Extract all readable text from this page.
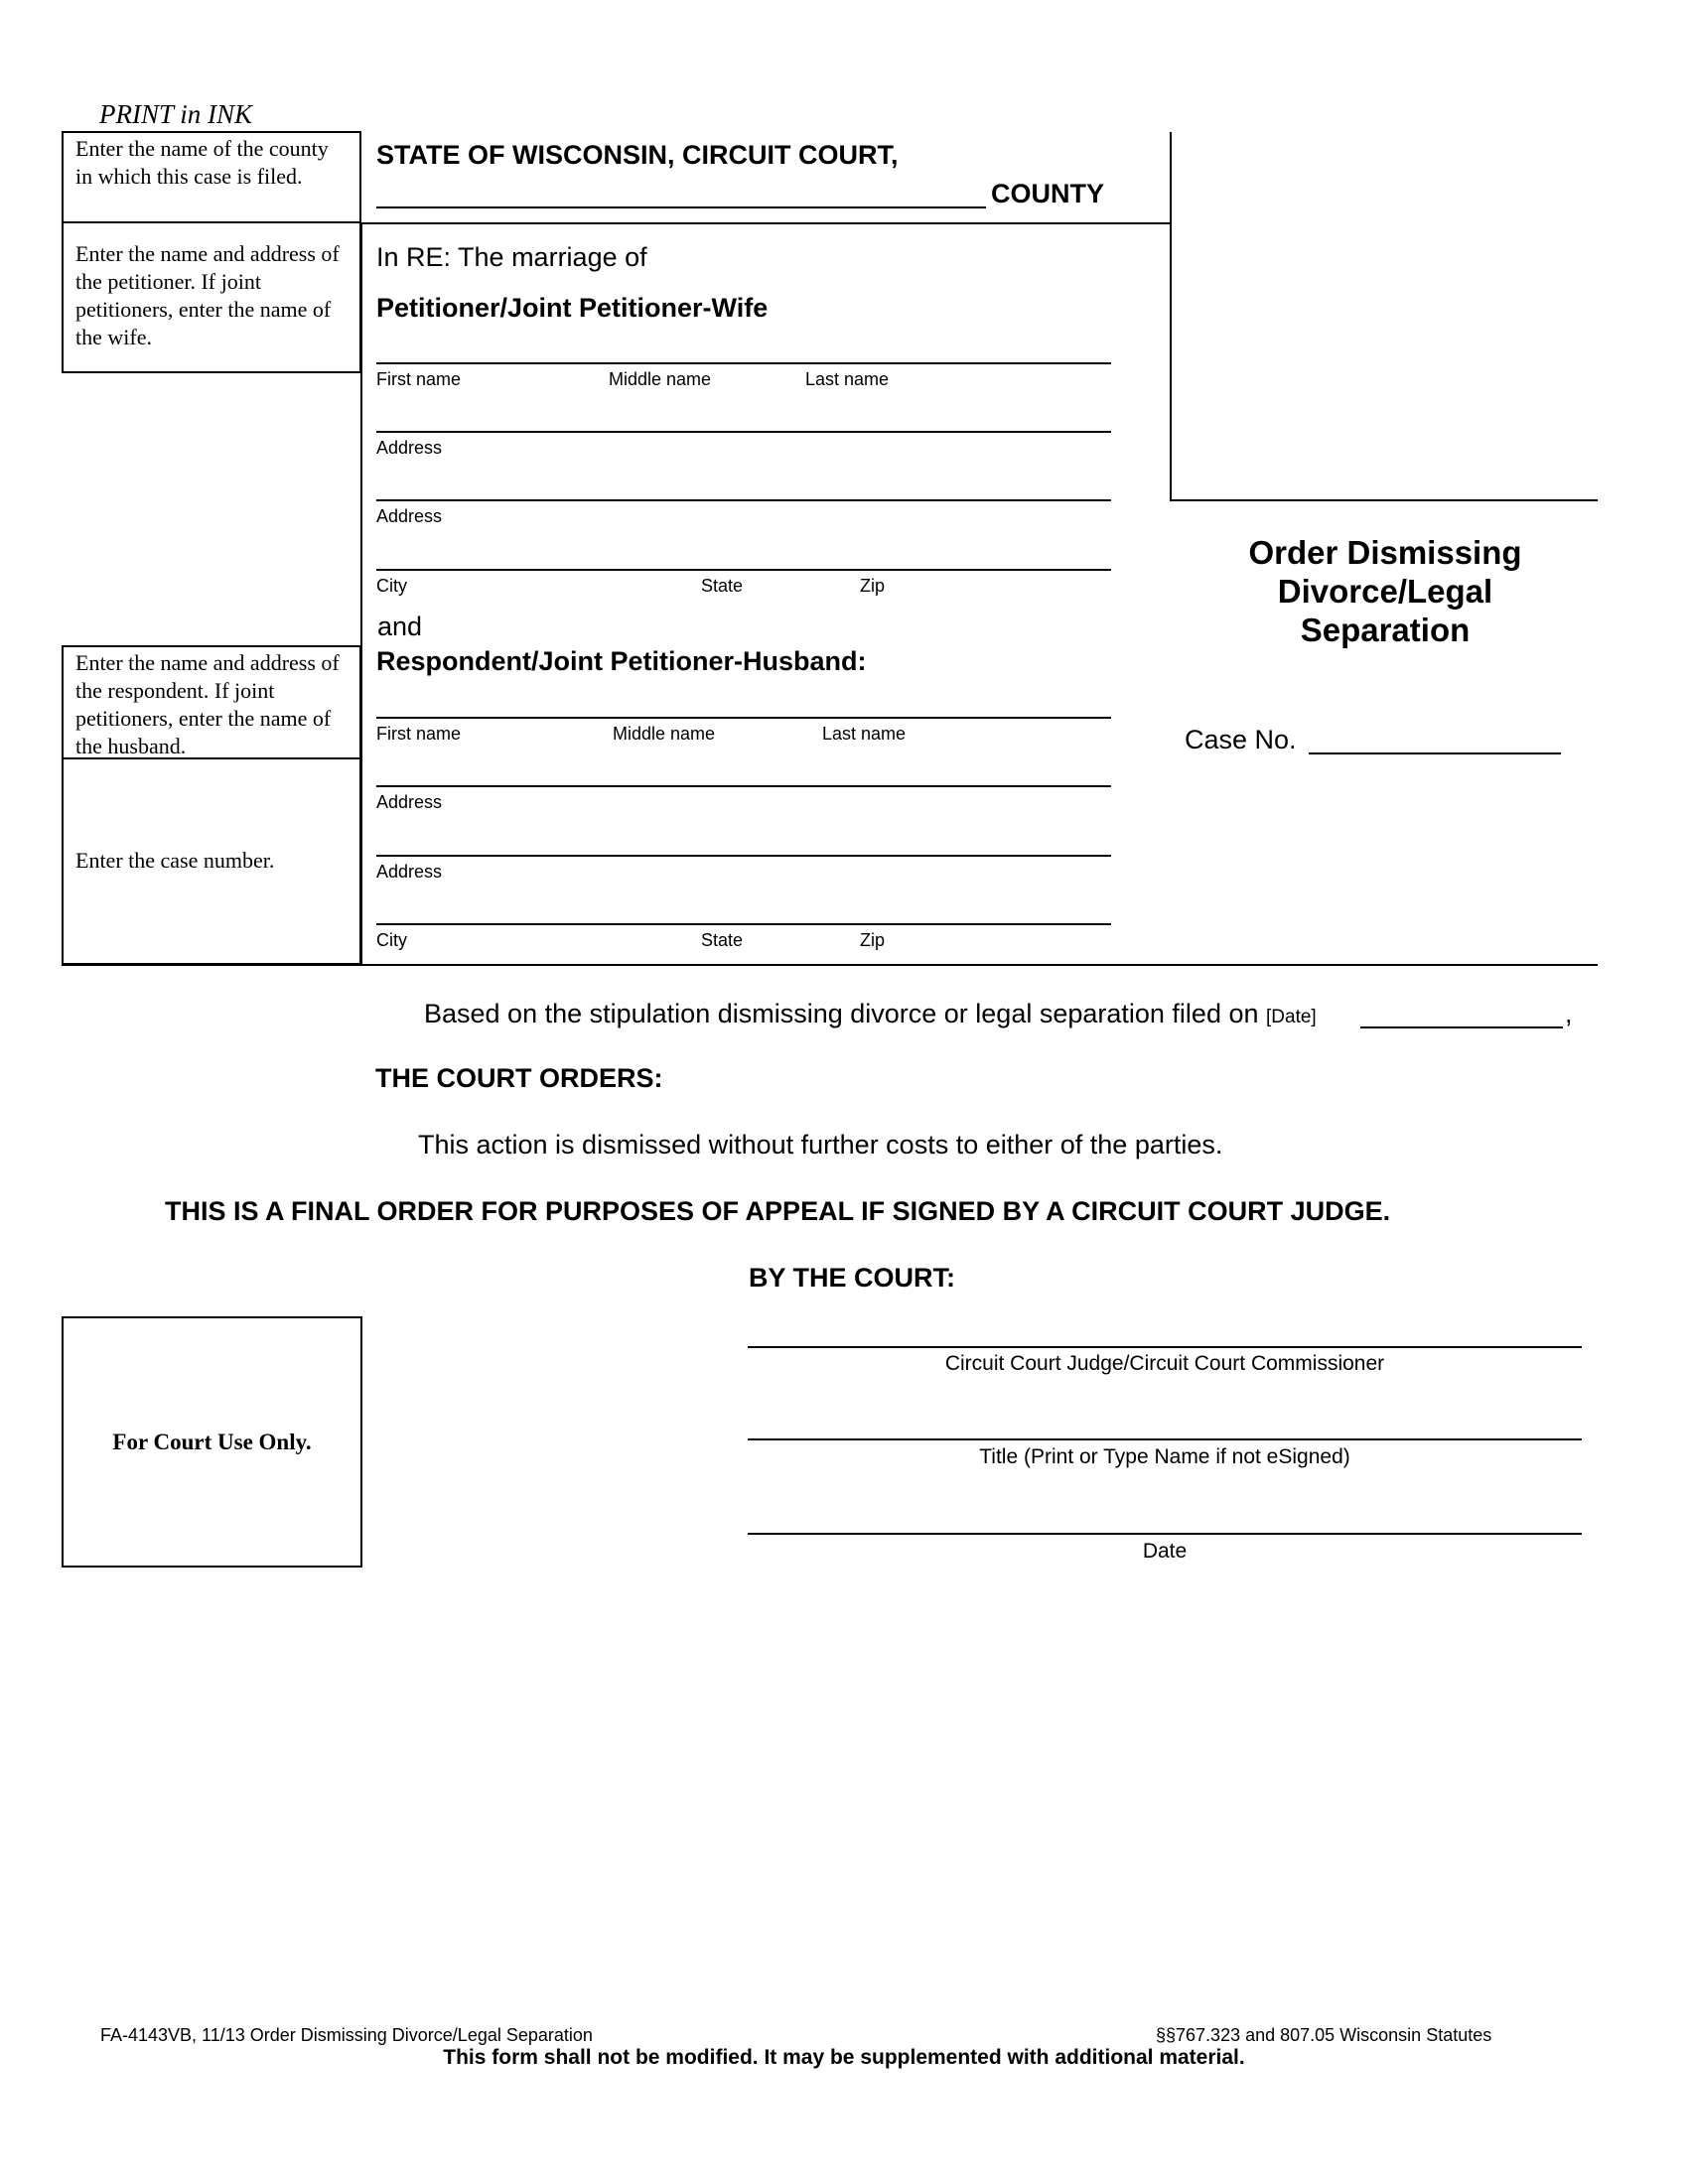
PRINT in INK
Enter the name of the county in which this case is filed.
Enter the name and address of the petitioner. If joint petitioners, enter the name of the wife.
Enter the name and address of the respondent. If joint petitioners, enter the name of the husband.
Enter the case number.
STATE OF WISCONSIN, CIRCUIT COURT,
COUNTY
In RE: The marriage of
Petitioner/Joint Petitioner-Wife
First name	Middle name	Last name
Address
Address
City	State	Zip
and
Respondent/Joint Petitioner-Husband:
First name	Middle name	Last name
Address
Address
City	State	Zip
Order Dismissing
Divorce/Legal
Separation
Case No.
Based on the stipulation dismissing divorce or legal separation filed on [Date]	,
THE COURT ORDERS:
This action is dismissed without further costs to either of the parties.
THIS IS A FINAL ORDER FOR PURPOSES OF APPEAL IF SIGNED BY A CIRCUIT COURT JUDGE.
BY THE COURT:
For Court Use Only.
Circuit Court Judge/Circuit Court Commissioner
Title (Print or Type Name if not eSigned)
Date
FA-4143VB, 11/13 Order Dismissing Divorce/Legal Separation	§§767.323 and 807.05 Wisconsin Statutes
This form shall not be modified. It may be supplemented with additional material.
